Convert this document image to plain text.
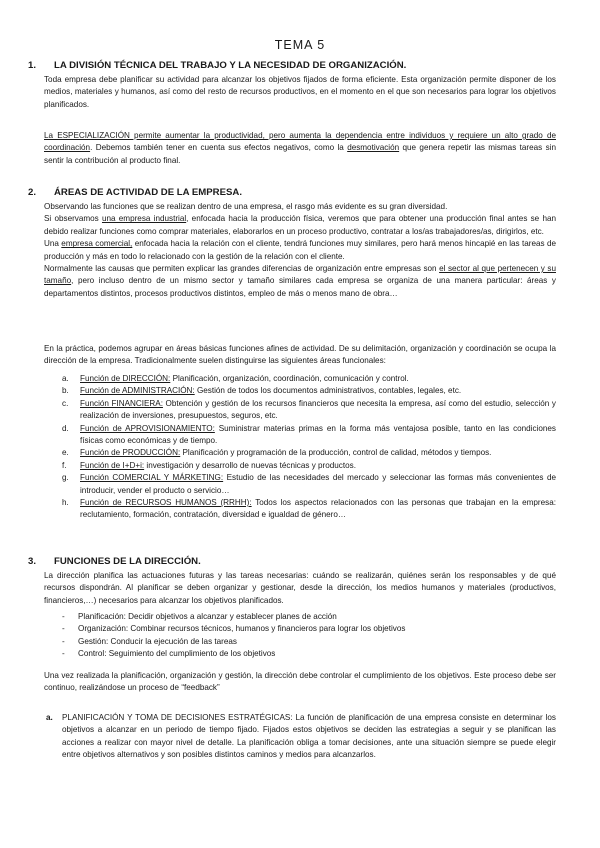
TEMA 5
1. LA DIVISIÓN TÉCNICA DEL TRABAJO Y LA NECESIDAD DE ORGANIZACIÓN.
Toda empresa debe planificar su actividad para alcanzar los objetivos fijados de forma eficiente. Esta organización permite disponer de los medios, materiales y humanos, así como del resto de recursos productivos, en el momento en el que son necesarios para lograr los objetivos planificados.
La ESPECIALIZACIÓN permite aumentar la productividad, pero aumenta la dependencia entre individuos y requiere un alto grado de coordinación. Debemos también tener en cuenta sus efectos negativos, como la desmotivación que genera repetir las mismas tareas sin sentir la contribución al producto final.
2. ÁREAS DE ACTIVIDAD DE LA EMPRESA.
Observando las funciones que se realizan dentro de una empresa, el rasgo más evidente es su gran diversidad.
Si observamos una empresa industrial, enfocada hacia la producción física, veremos que para obtener una producción final antes se han debido realizar funciones como comprar materiales, elaborarlos en un proceso productivo, contratar a los/as trabajadores/as, dirigirlos, etc.
Una empresa comercial, enfocada hacia la relación con el cliente, tendrá funciones muy similares, pero hará menos hincapié en las tareas de producción y más en todo lo relacionado con la gestión de la relación con el cliente.
Normalmente las causas que permiten explicar las grandes diferencias de organización entre empresas son el sector al que pertenecen y su tamaño, pero incluso dentro de un mismo sector y tamaño similares cada empresa se organiza de una manera particular: áreas y departamentos distintos, procesos productivos distintos, empleo de más o menos mano de obra…
En la práctica, podemos agrupar en áreas básicas funciones afines de actividad. De su delimitación, organización y coordinación se ocupa la dirección de la empresa. Tradicionalmente suelen distinguirse las siguientes áreas funcionales:
a. Función de DIRECCIÓN: Planificación, organización, coordinación, comunicación y control.
b. Función de ADMINISTRACIÓN: Gestión de todos los documentos administrativos, contables, legales, etc.
c. Función FINANCIERA: Obtención y gestión de los recursos financieros que necesita la empresa, así como del estudio, selección y realización de inversiones, presupuestos, seguros, etc.
d. Función de APROVISIONAMIENTO: Suministrar materias primas en la forma más ventajosa posible, tanto en las condiciones físicas como económicas y de tiempo.
e. Función de PRODUCCIÓN: Planificación y programación de la producción, control de calidad, métodos y tiempos.
f. Función de I+D+i: investigación y desarrollo de nuevas técnicas y productos.
g. Función COMERCIAL Y MÁRKETING: Estudio de las necesidades del mercado y seleccionar las formas más convenientes de introducir, vender el producto o servicio…
h. Función de RECURSOS HUMANOS (RRHH): Todos los aspectos relacionados con las personas que trabajan en la empresa: reclutamiento, formación, contratación, diversidad e igualdad de género…
3. FUNCIONES DE LA DIRECCIÓN.
La dirección planifica las actuaciones futuras y las tareas necesarias: cuándo se realizarán, quiénes serán los responsables y de qué recursos dispondrán. Al planificar se deben organizar y gestionar, desde la dirección, los medios humanos y materiales (productivos, financieros,…) necesarios para alcanzar los objetivos planificados.
- Planificación: Decidir objetivos a alcanzar y establecer planes de acción
- Organización: Combinar recursos técnicos, humanos y financieros para lograr los objetivos
- Gestión: Conducir la ejecución de las tareas
- Control: Seguimiento del cumplimiento de los objetivos
Una vez realizada la planificación, organización y gestión, la dirección debe controlar el cumplimiento de los objetivos. Este proceso debe ser continuo, realizándose un proceso de “feedback”
a. PLANIFICACIÓN Y TOMA DE DECISIONES ESTRATÉGICAS: La función de planificación de una empresa consiste en determinar los objetivos a alcanzar en un periodo de tiempo fijado. Fijados estos objetivos se deciden las estrategias a seguir y se planifican las acciones a realizar con mayor nivel de detalle. La planificación obliga a tomar decisiones, ante una situación siempre se puede elegir entre objetivos alternativos y son posibles distintos caminos y medios para alcanzarlos.
